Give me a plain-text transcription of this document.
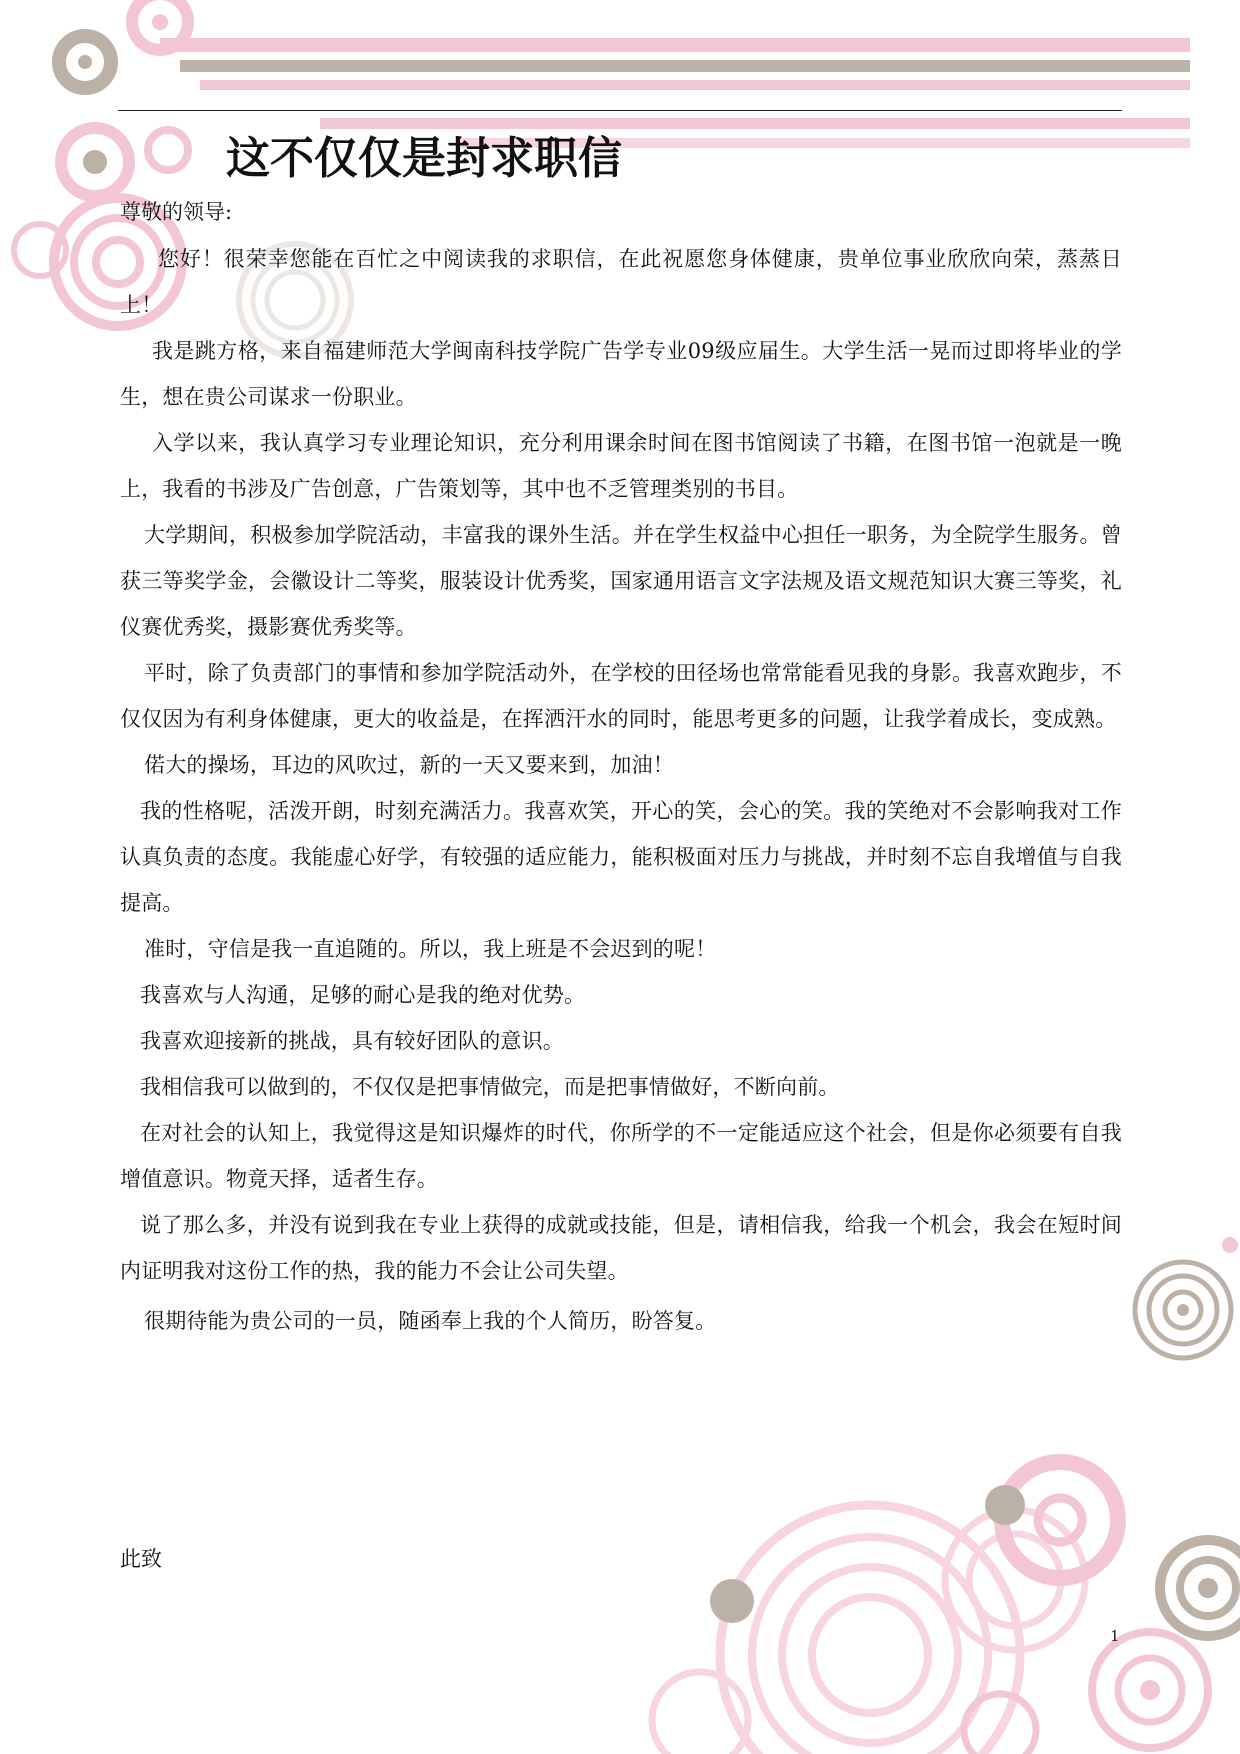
这不仅仅是封求职信
尊敬的领导:

您好！很荣幸您能在百忙之中阅读我的求职信，在此祝愿您身体健康，贵单位事业欣欣向荣，蒸蒸日上！

我是跳方格，来自福建师范大学闽南科技学院广告学专业09级应届生。大学生活一晃而过即将毕业的学生，想在贵公司谋求一份职业。

入学以来，我认真学习专业理论知识，充分利用课余时间在图书馆阅读了书籍，在图书馆一泡就是一晚上，我看的书涉及广告创意，广告策划等，其中也不乏管理类别的书目。

大学期间，积极参加学院活动，丰富我的课外生活。并在学生权益中心担任一职务，为全院学生服务。曾获三等奖学金，会徽设计二等奖，服装设计优秀奖，国家通用语言文字法规及语文规范知识大赛三等奖，礼仪赛优秀奖，摄影赛优秀奖等。

平时，除了负责部门的事情和参加学院活动外，在学校的田径场也常常能看见我的身影。我喜欢跑步，不仅仅因为有利身体健康，更大的收益是，在挥洒汗水的同时，能思考更多的问题，让我学着成长，变成熟。

偌大的操场，耳边的风吹过，新的一天又要来到，加油！

我的性格呢，活泼开朗，时刻充满活力。我喜欢笑，开心的笑，会心的笑。我的笑绝对不会影响我对工作认真负责的态度。我能虚心好学，有较强的适应能力，能积极面对压力与挑战，并时刻不忘自我增值与自我提高。

准时，守信是我一直追随的。所以，我上班是不会迟到的呢！

我喜欢与人沟通，足够的耐心是我的绝对优势。

我喜欢迎接新的挑战，具有较好团队的意识。

我相信我可以做到的，不仅仅是把事情做完，而是把事情做好，不断向前。

在对社会的认知上，我觉得这是知识爆炸的时代，你所学的不一定能适应这个社会，但是你必须要有自我增值意识。物竟天择，适者生存。

说了那么多，并没有说到我在专业上获得的成就或技能，但是，请相信我，给我一个机会，我会在短时间内证明我对这份工作的热，我的能力不会让公司失望。

很期待能为贵公司的一员，随函奉上我的个人简历，盼答复。

此致
1
